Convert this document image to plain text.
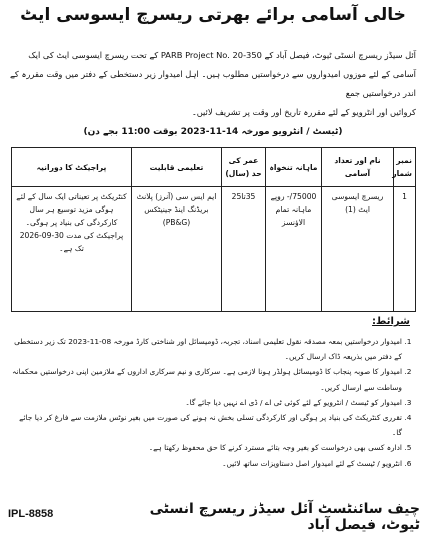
خالی آسامی برائے بھرتی ریسرچ ایسوسی ایٹ

آئل سیڈز ریسرچ انسٹی ٹیوٹ، فیصل آباد کے PARB Project No. 20-350 کے تحت ریسرچ ایسوسی ایٹ کی ایک

آسامی کے لئے موزوں امیدواروں سے درخواستیں مطلوب ہیں۔ اہل امیدوار زیر دستخطی کے دفتر میں وقت مقررہ کے اندر درخواستیں جمع

کروائیں اور انٹرویو کے لئے مقررہ تاریخ اور وقت پر تشریف لائیں۔

(ٹیسٹ / انٹرویو مورخہ 14-11-2023 بوقت 11:00 بجے دن)
نمبر شمار	نام اور تعداد آسامی	ماہانہ تنخواہ	عمر کی حد (سال)	تعلیمی قابلیت	پراجیکٹ کا دورانیہ
1	ریسرچ ایسوسی ایٹ (1)	75000/- روپے ماہانہ تمام الاؤنسز	35تا25	ایم ایس سی (آنرز) پلانٹ بریڈنگ اینڈ جینیٹکس (PB&G)	کنٹریکٹ پر تعیناتی ایک سال کے لئے ہوگی مزید توسیع ہر سال کارکردگی کی بنیاد پر ہوگی۔ پراجیکٹ کی مدت 30-09-2026 تک ہے۔
شرائط:
1. امیدوار درخواستیں بمعہ مصدقہ نقول تعلیمی اسناد، تجربہ، ڈومیسائل اور شناختی کارڈ مورخہ 08-11-2023 تک زیر دستخطی کے دفتر میں بذریعہ ڈاک ارسال کریں۔
2. امیدوار کا صوبہ پنجاب کا ڈومیسائل ہولڈر ہونا لازمی ہے۔ سرکاری و نیم سرکاری اداروں کے ملازمین اپنی درخواستیں محکمانہ وساطت سے ارسال کریں۔
3. امیدوار کو ٹیسٹ / انٹرویو کے لئے کوئی ٹی اے / ڈی اے نہیں دیا جائے گا۔
4. تقرری کنٹریکٹ کی بنیاد پر ہوگی اور کارکردگی تسلی بخش نہ ہونے کی صورت میں بغیر نوٹس ملازمت سے فارغ کر دیا جائے گا۔
5. ادارہ کسی بھی درخواست کو بغیر وجہ بتائے مسترد کرنے کا حق محفوظ رکھتا ہے۔
6. انٹرویو / ٹیسٹ کے لئے امیدوار اصل دستاویزات ساتھ لائیں۔
چیف سائنٹسٹ آئل سیڈز ریسرچ انسٹی ٹیوٹ، فیصل آباد
IPL-8858
